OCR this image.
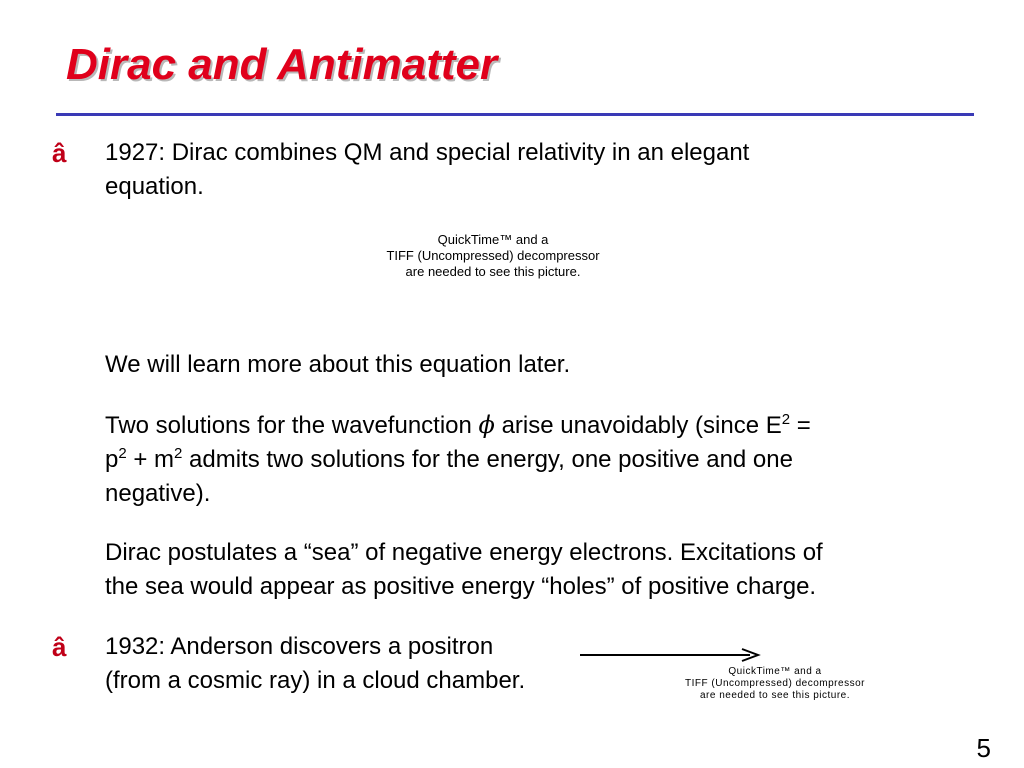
Dirac and Antimatter
â 1927: Dirac combines QM and special relativity in an elegant
equation.

QuickTime™ and a
TIFF (Uncompressed) decompressor
are needed to see this picture.

We will learn more about this equation later.

Two solutions for the wavefunction ϕ arise unavoidably (since $E^2$ =
$p^2 + m^2$ admits two solutions for the energy, one positive and one
negative).

Dirac postulates a “sea” of negative energy electrons. Excitations of
the sea would appear as positive energy “holes” of positive charge.

â 1932: Anderson discovers a positron
(from a cosmic ray) in a cloud chamber.	QuickTime™ and a
TIFF (Uncompressed) decompressor
are needed to see this picture.

5
